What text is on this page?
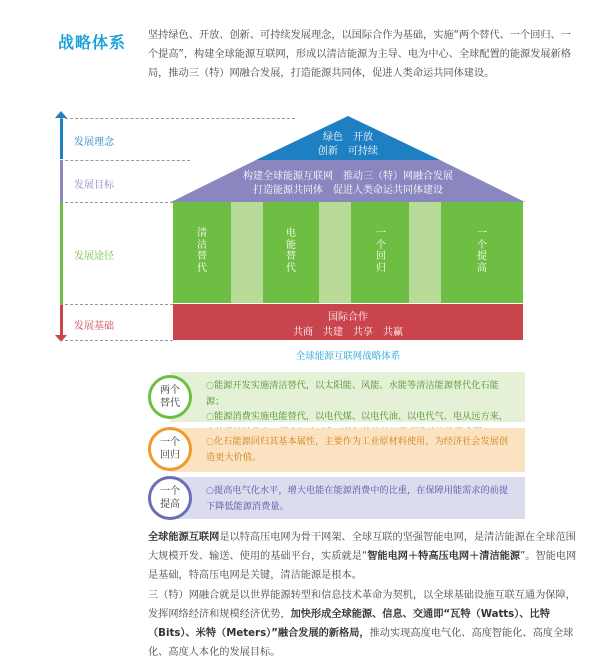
战略体系 坚持绿色、开放、创新、可持续发展理念，以国际合作为基础，实施“两个替代、一个回归、一个提高”，构建全球能源互联网，形成以清洁能源为主导、电为中心、全球配置的能源发展新格局，推动三（特）网融合发展，打造能源共同体，促进人类命运共同体建设。
发展理念
发展目标
发展途径
发展基础
绿色　开放
创新　可持续
构建全球能源互联网　推动三（特）网融合发展
打造能源共同体　促进人类命运共同体建设
清洁替代
电能替代
一个回归
一个提高
国际合作
共商　共建　共享　共赢
全球能源互联网战略体系

○能源开发实施清洁替代，以太阳能、风能、水能等清洁能源替代化石能源；

○能源消费实施电能替代，以电代煤、以电代油、以电代气、电从远方来，

两个替代

○化石能源回归其基本属性，主要作为工业原材料使用，为经济社会发展创造更大价值。

一个回归

○提高电气化水平，增大电能在能源消费中的比重，在保障用能需求的前提下降低能源消费量。

一个提高
全球能源互联网是以特高压电网为骨干网架、全球互联的坚强智能电网，是清洁能源在全球范围大规模开发、输送、使用的基础平台，实质就是“智能电网＋特高压电网＋清洁能源”。智能电网是基础，特高压电网是关键，清洁能源是根本。
三（特）网融合就是以世界能源转型和信息技术革命为契机，以全球基础设施互联互通为保障，发挥网络经济和规模经济优势，加快形成全球能源、信息、交通即“瓦特（Watts）、比特（Bits）、米特（Meters）”融合发展的新格局，推动实现高度电气化、高度智能化、高度全球化、高度人本化的发展目标。
